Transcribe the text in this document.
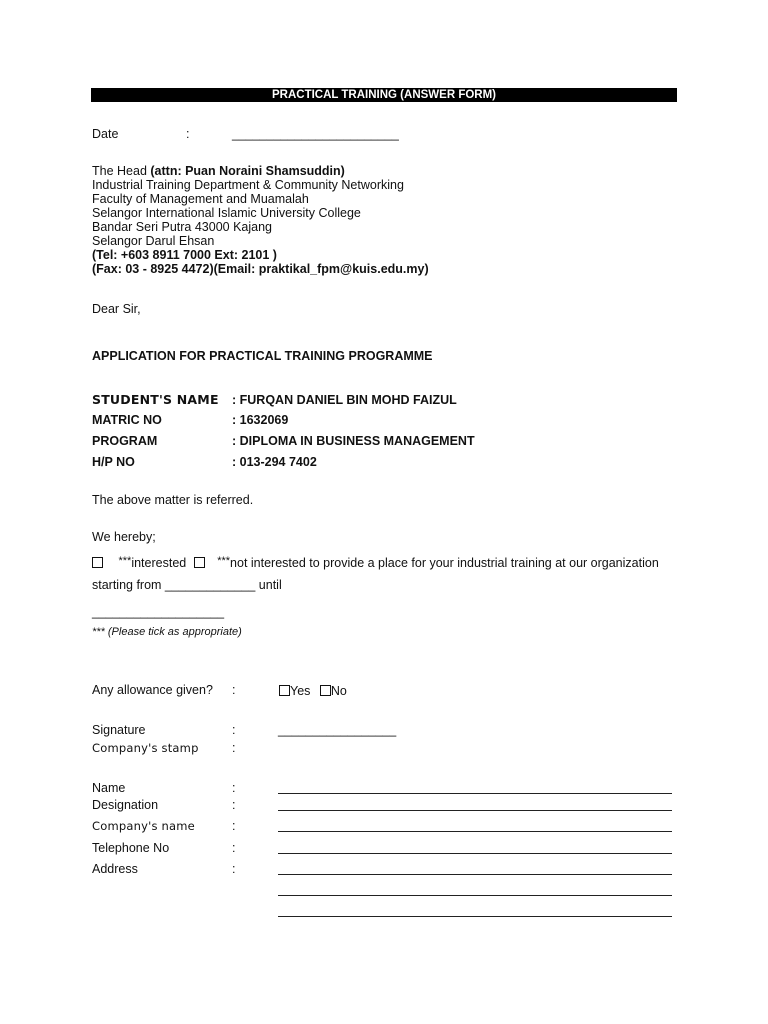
PRACTICAL TRAINING (ANSWER FORM)
Date	:	________________________
The Head (attn: Puan Noraini Shamsuddin)
Industrial Training Department & Community Networking
Faculty of Management and Muamalah
Selangor International Islamic University College
Bandar Seri Putra 43000 Kajang
Selangor Darul Ehsan
(Tel: +603 8911 7000 Ext: 2101 )
(Fax: 03 - 8925 4472)(Email: praktikal_fpm@kuis.edu.my)
Dear Sir,
APPLICATION FOR PRACTICAL TRAINING PROGRAMME
STUDENT'S NAME : FURQAN DANIEL BIN MOHD FAIZUL
MATRIC NO	: 1632069
PROGRAM	: DIPLOMA IN BUSINESS MANAGEMENT
H/P NO	: 013-294 7402
The above matter is referred.
We hereby;
***interested	***not interested to provide a place for your industrial training at our organization
starting from _____________ until
___________________
*** (Please tick as appropriate)
Any allowance given? :	Yes No
Signature	:	_________________
Company's stamp	:
Name	:
Designation	:
Company's name	:
Telephone No	:
Address	:
